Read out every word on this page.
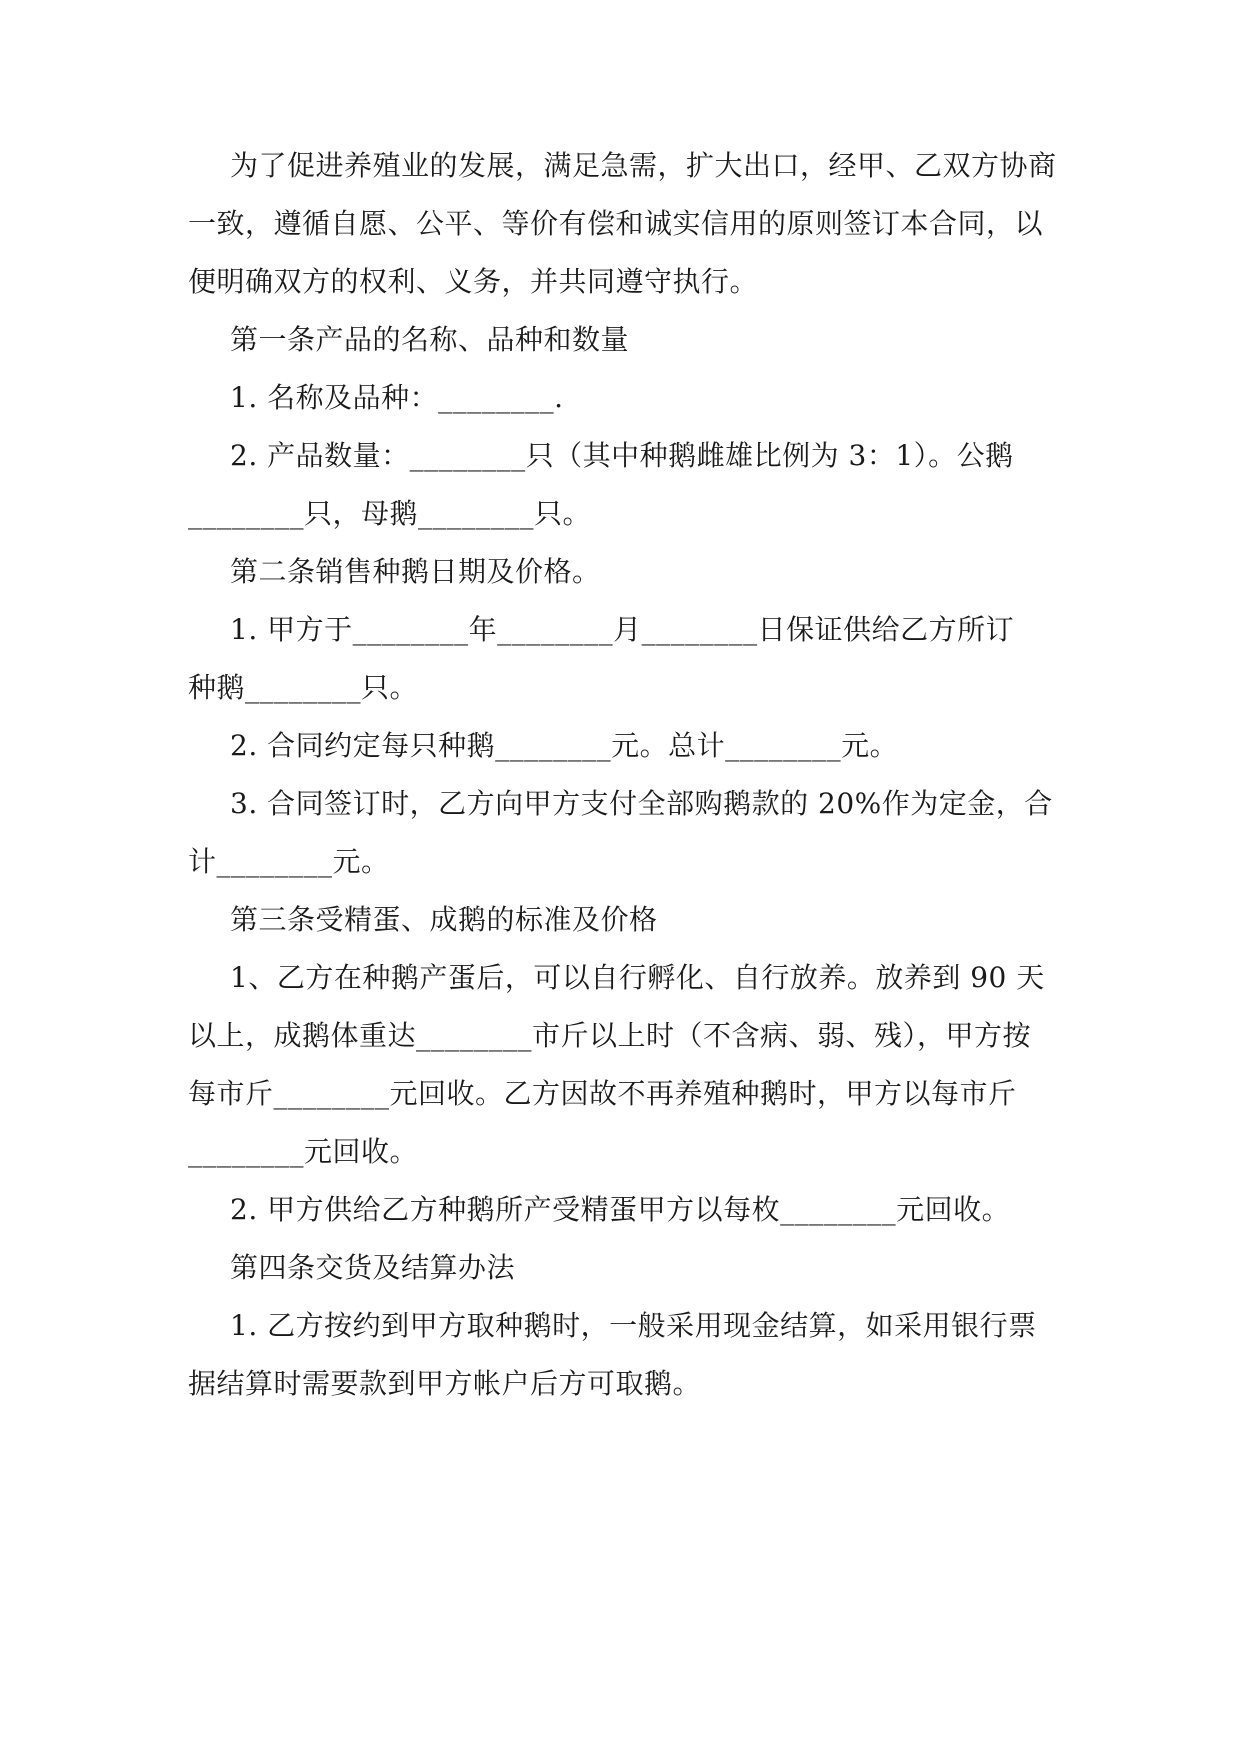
为了促进养殖业的发展，满足急需，扩大出口，经甲、乙双方协商
一致，遵循自愿、公平、等价有偿和诚实信用的原则签订本合同，以
便明确双方的权利、义务，并共同遵守执行。
第一条产品的名称、品种和数量
1. 名称及品种：________.
2. 产品数量：________只（其中种鹅雌雄比例为 3：1）。公鹅
________只，母鹅________只。
第二条销售种鹅日期及价格。
1. 甲方于________年________月________日保证供给乙方所订
种鹅________只。
2. 合同约定每只种鹅________元。总计________元。
3. 合同签订时，乙方向甲方支付全部购鹅款的 20%作为定金，合
计________元。
第三条受精蛋、成鹅的标准及价格
1、乙方在种鹅产蛋后，可以自行孵化、自行放养。放养到 90 天
以上，成鹅体重达________市斤以上时（不含病、弱、残），甲方按
每市斤________元回收。乙方因故不再养殖种鹅时，甲方以每市斤
________元回收。
2. 甲方供给乙方种鹅所产受精蛋甲方以每枚________元回收。
第四条交货及结算办法
1. 乙方按约到甲方取种鹅时，一般采用现金结算，如采用银行票
据结算时需要款到甲方帐户后方可取鹅。
